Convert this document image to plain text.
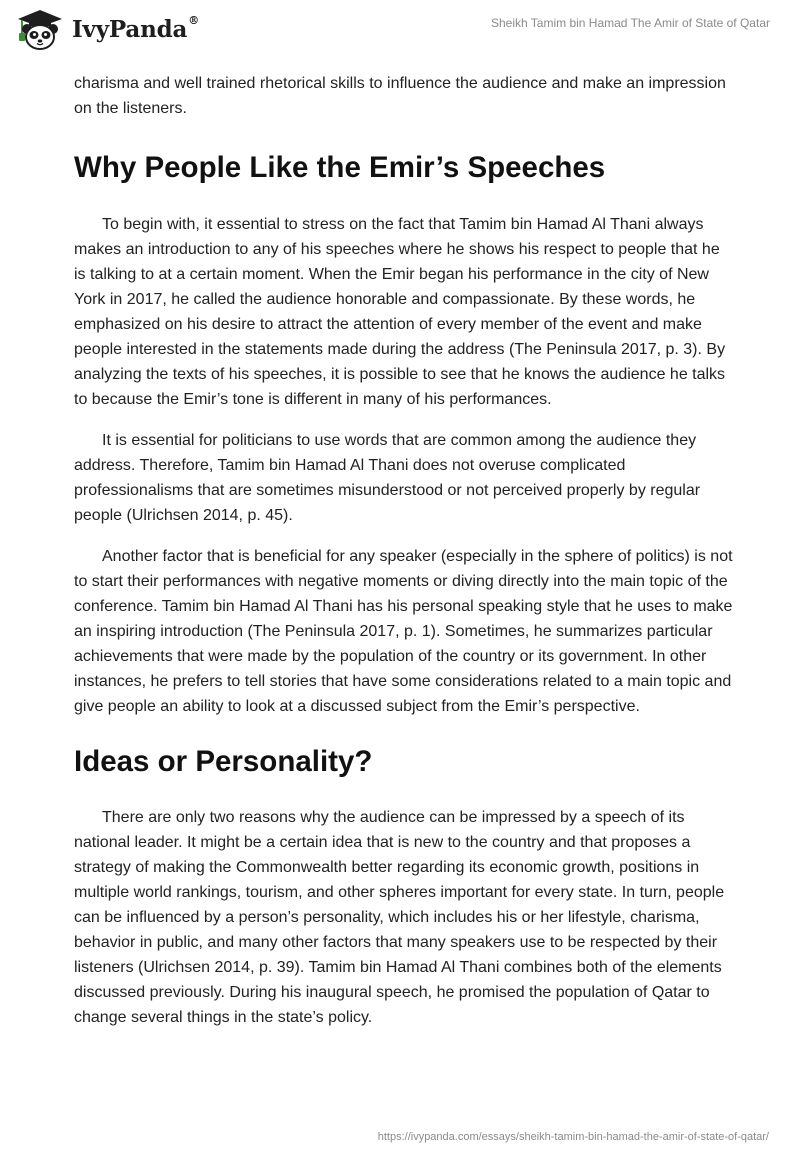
IvyPanda®	Sheikh Tamim bin Hamad The Amir of State of Qatar

charisma and well trained rhetorical skills to influence the audience and make an impression on the listeners.

Why People Like the Emir’s Speeches

To begin with, it essential to stress on the fact that Tamim bin Hamad Al Thani always makes an introduction to any of his speeches where he shows his respect to people that he is talking to at a certain moment. When the Emir began his performance in the city of New York in 2017, he called the audience honorable and compassionate. By these words, he emphasized on his desire to attract the attention of every member of the event and make people interested in the statements made during the address (The Peninsula 2017, p. 3). By analyzing the texts of his speeches, it is possible to see that he knows the audience he talks to because the Emir’s tone is different in many of his performances.

It is essential for politicians to use words that are common among the audience they address. Therefore, Tamim bin Hamad Al Thani does not overuse complicated professionalisms that are sometimes misunderstood or not perceived properly by regular people (Ulrichsen 2014, p. 45).

Another factor that is beneficial for any speaker (especially in the sphere of politics) is not to start their performances with negative moments or diving directly into the main topic of the conference. Tamim bin Hamad Al Thani has his personal speaking style that he uses to make an inspiring introduction (The Peninsula 2017, p. 1). Sometimes, he summarizes particular achievements that were made by the population of the country or its government. In other instances, he prefers to tell stories that have some considerations related to a main topic and give people an ability to look at a discussed subject from the Emir’s perspective.

Ideas or Personality?

There are only two reasons why the audience can be impressed by a speech of its national leader. It might be a certain idea that is new to the country and that proposes a strategy of making the Commonwealth better regarding its economic growth, positions in multiple world rankings, tourism, and other spheres important for every state. In turn, people can be influenced by a person’s personality, which includes his or her lifestyle, charisma, behavior in public, and many other factors that many speakers use to be respected by their listeners (Ulrichsen 2014, p. 39). Tamim bin Hamad Al Thani combines both of the elements discussed previously. During his inaugural speech, he promised the population of Qatar to change several things in the state’s policy.

https://ivypanda.com/essays/sheikh-tamim-bin-hamad-the-amir-of-state-of-qatar/
